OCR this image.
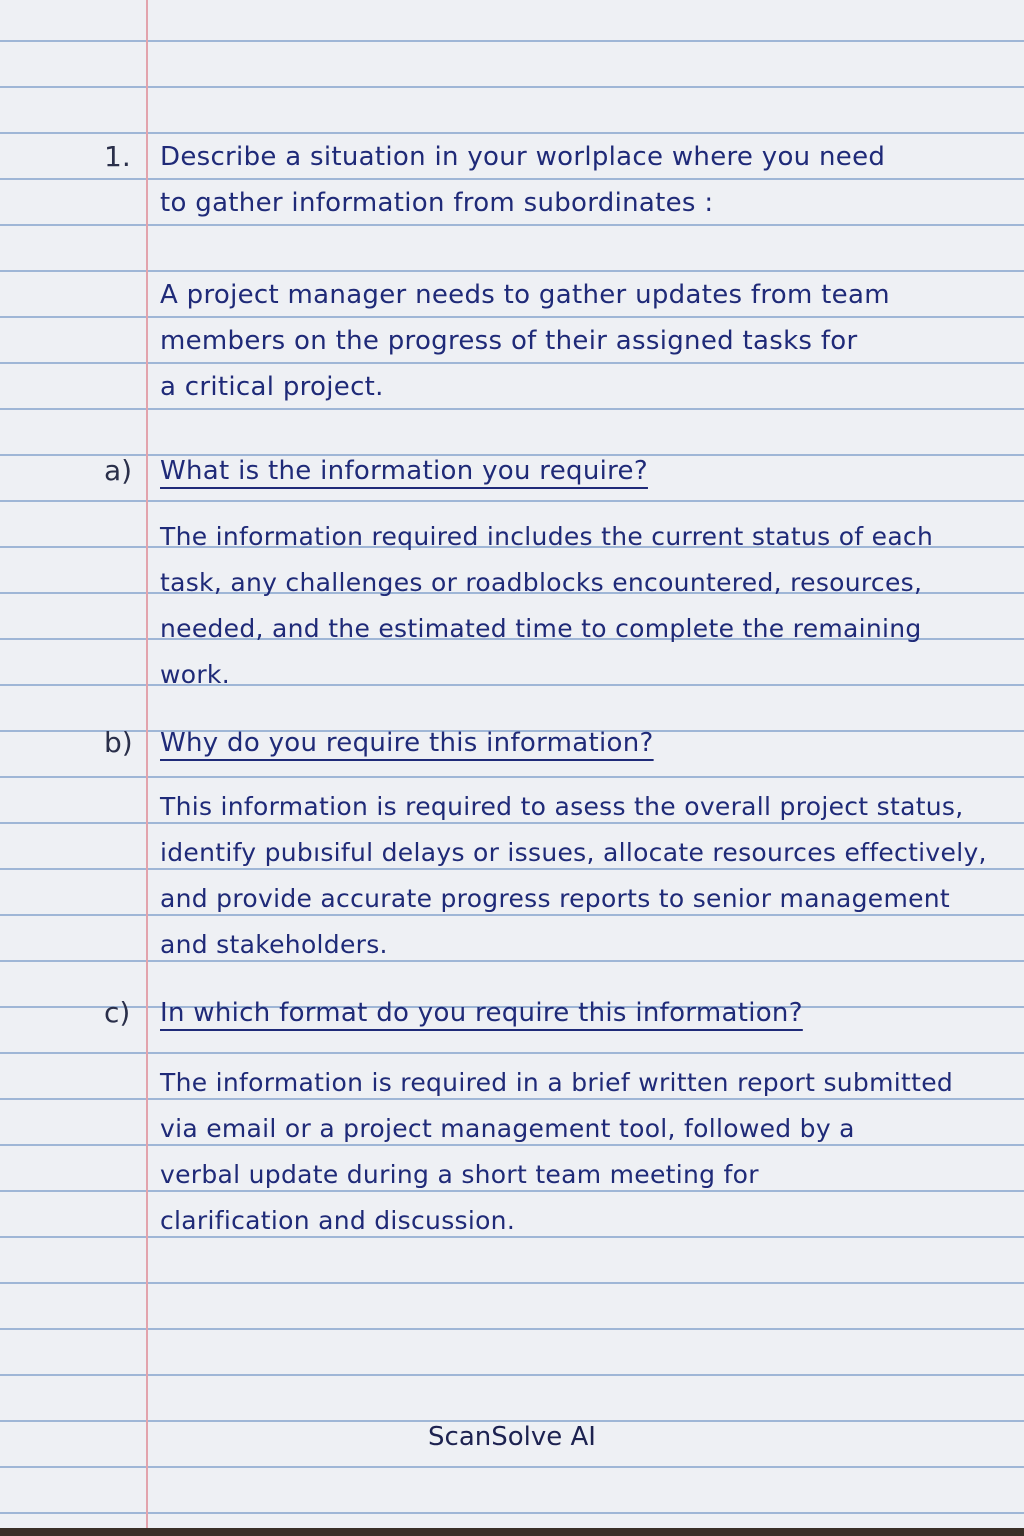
1. Describe a situation in your worlplace where you need
to gather information from subordinates :
A project manager needs to gather updates from team
members on the progress of their assigned tasks for
a critical project.
a) What is the information you require?
The information required includes the current status of each
task, any challenges or roadblocks encountered, resources,
needed, and the estimated time to complete the remaining
work.
b) Why do you require this information?
This information is required to asess the overall project status,
identify pubısiful delays or issues, allocate resources effectively,
and provide accurate progress reports to senior management
and stakeholders.
c) In which format do you require this information?
The information is required in a brief written report submitted
via email or a project management tool, followed by a
verbal update during a short team meeting for
clarification and discussion.
ScanSolve AI
